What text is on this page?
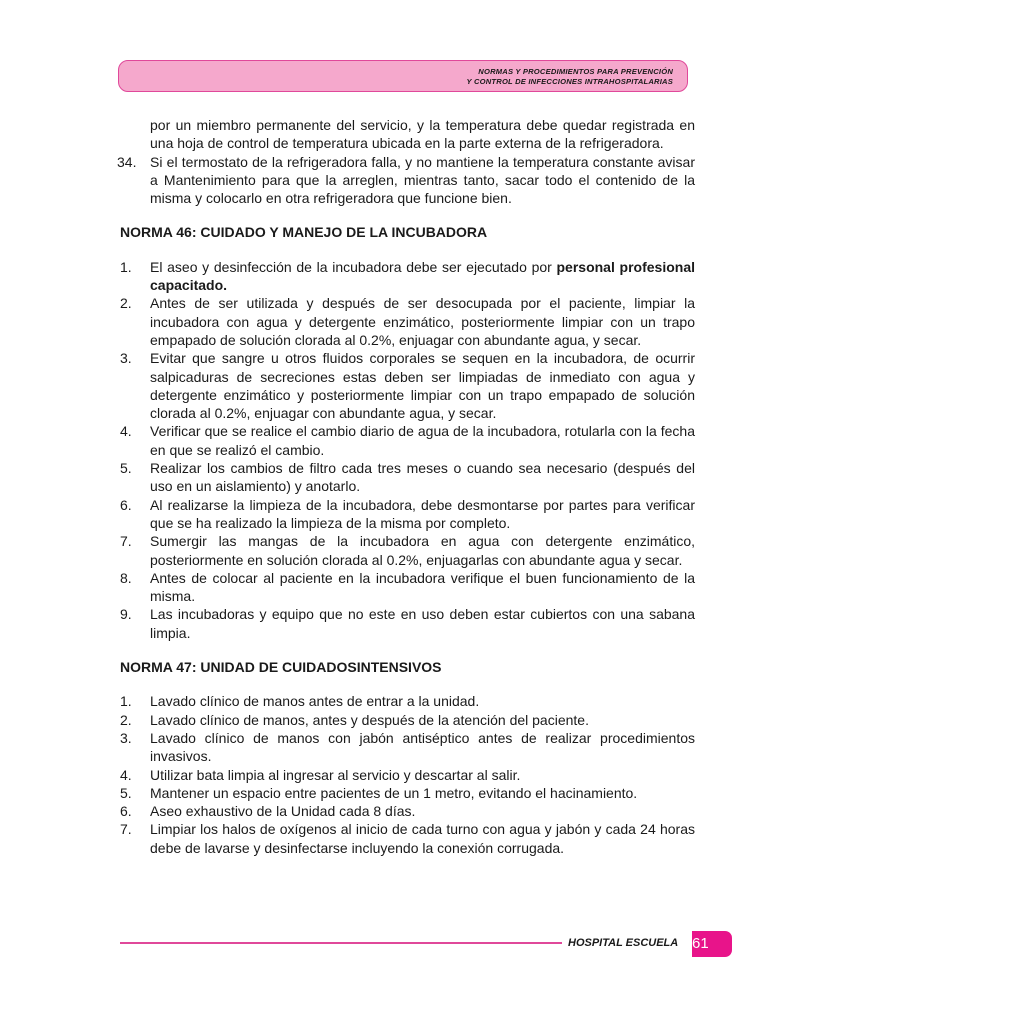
NORMAS Y PROCEDIMIENTOS PARA PREVENCIÓN
Y CONTROL DE INFECCIONES INTRAHOSPITALARIAS
por un miembro permanente del servicio, y la temperatura debe quedar registrada en una hoja de control de temperatura ubicada en la parte externa de la refrigeradora.
34. Si el termostato de la refrigeradora falla, y no mantiene la temperatura constante avisar a Mantenimiento para que la arreglen, mientras tanto, sacar todo el contenido de la misma y colocarlo en otra refrigeradora que funcione bien.
NORMA 46: CUIDADO Y MANEJO DE LA INCUBADORA
1. El aseo y desinfección de la incubadora debe ser ejecutado por personal profesional capacitado.
2. Antes de ser utilizada y después de ser desocupada por el paciente, limpiar la incubadora con agua y detergente enzimático, posteriormente limpiar con un trapo empapado de solución clorada al 0.2%, enjuagar con abundante agua, y secar.
3. Evitar que sangre u otros fluidos corporales se sequen en la incubadora, de ocurrir salpicaduras de secreciones estas deben ser limpiadas de inmediato con agua y detergente enzimático y posteriormente limpiar con un trapo empapado de solución clorada al 0.2%, enjuagar con abundante agua, y secar.
4. Verificar que se realice el cambio diario de agua de la incubadora, rotularla con la fecha en que se realizó el cambio.
5. Realizar los cambios de filtro cada tres meses o cuando sea necesario (después del uso en un aislamiento) y anotarlo.
6. Al realizarse la limpieza de la incubadora, debe desmontarse por partes para verificar que se ha realizado la limpieza de la misma por completo.
7. Sumergir las mangas de la incubadora en agua con detergente enzimático, posteriormente en solución clorada al 0.2%, enjuagarlas con abundante agua y secar.
8. Antes de colocar al paciente en la incubadora verifique el buen funcionamiento de la misma.
9. Las incubadoras y equipo que no este en uso deben estar cubiertos con una sabana limpia.
NORMA 47: UNIDAD DE CUIDADOSINTENSIVOS
1. Lavado clínico de manos antes de entrar a la unidad.
2. Lavado clínico de manos, antes y después de la atención del paciente.
3. Lavado clínico de manos con jabón antiséptico antes de realizar procedimientos invasivos.
4. Utilizar bata limpia al ingresar al servicio y descartar al salir.
5. Mantener un espacio entre pacientes de un 1 metro, evitando el hacinamiento.
6. Aseo exhaustivo de la Unidad cada 8 días.
7. Limpiar los halos de oxígenos al inicio de cada turno con agua y jabón y cada 24 horas debe de lavarse y desinfectarse incluyendo la conexión corrugada.
HOSPITAL ESCUELA 61
